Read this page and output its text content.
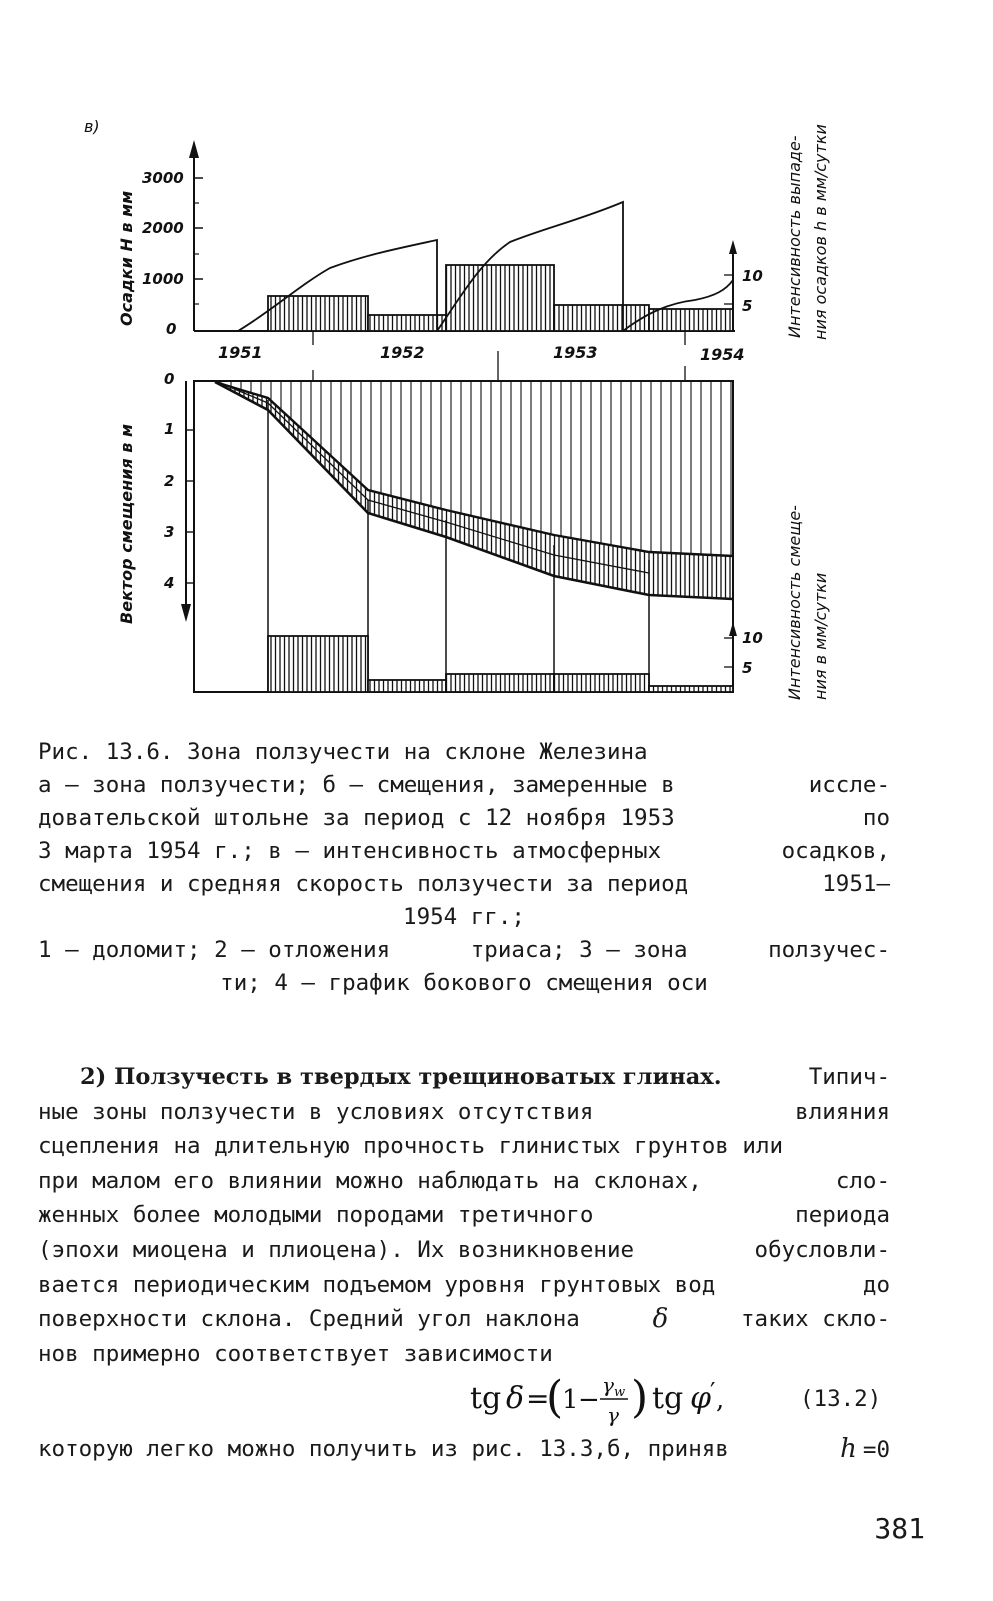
в)
3000
2000
1000
0
10
5
1951	1952	1953	1954
0
1
2
3
4
10
5
Осадки Н в мм
Вектор смещения в м
Интенсивность выпаде- ния осадков h в мм/сутки
Интенсивность смеще- ния в мм/сутки
Рис. 13.6. Зона ползучести на склоне Железина
а – зона ползучести; б – смещения, замеренные в	иссле-
довательской штольне за период с 12 ноября 1953	по
3 марта 1954 г.; в – интенсивность атмосферных	осадков,
смещения и средняя скорость ползучести за период	1951–
1954 гг.;
1 – доломит; 2 – отложения	триаса; 3 – зона	ползучес-
ти; 4 – график бокового смещения оси
2) Ползучесть в твердых трещиноватых глинах.	Типич-
ные зоны ползучести в условиях отсутствия	влияния
сцепления на длительную прочность глинистых грунтов или
при малом его влиянии можно наблюдать на склонах,	сло-
женных более молодыми породами третичного	периода
(эпохи миоцена и плиоцена). Их возникновение	обусловли-
вается периодическим подъемом уровня грунтовых вод	до
поверхности склона. Средний угол наклона	δ	таких скло-
нов примерно соответствует зависимости
tg δ =
(
1 − γ w
γ ) tg φ
′ ,	(13.2)
которую легко можно получить из рис. 13.3,б, приняв	h =0
381
